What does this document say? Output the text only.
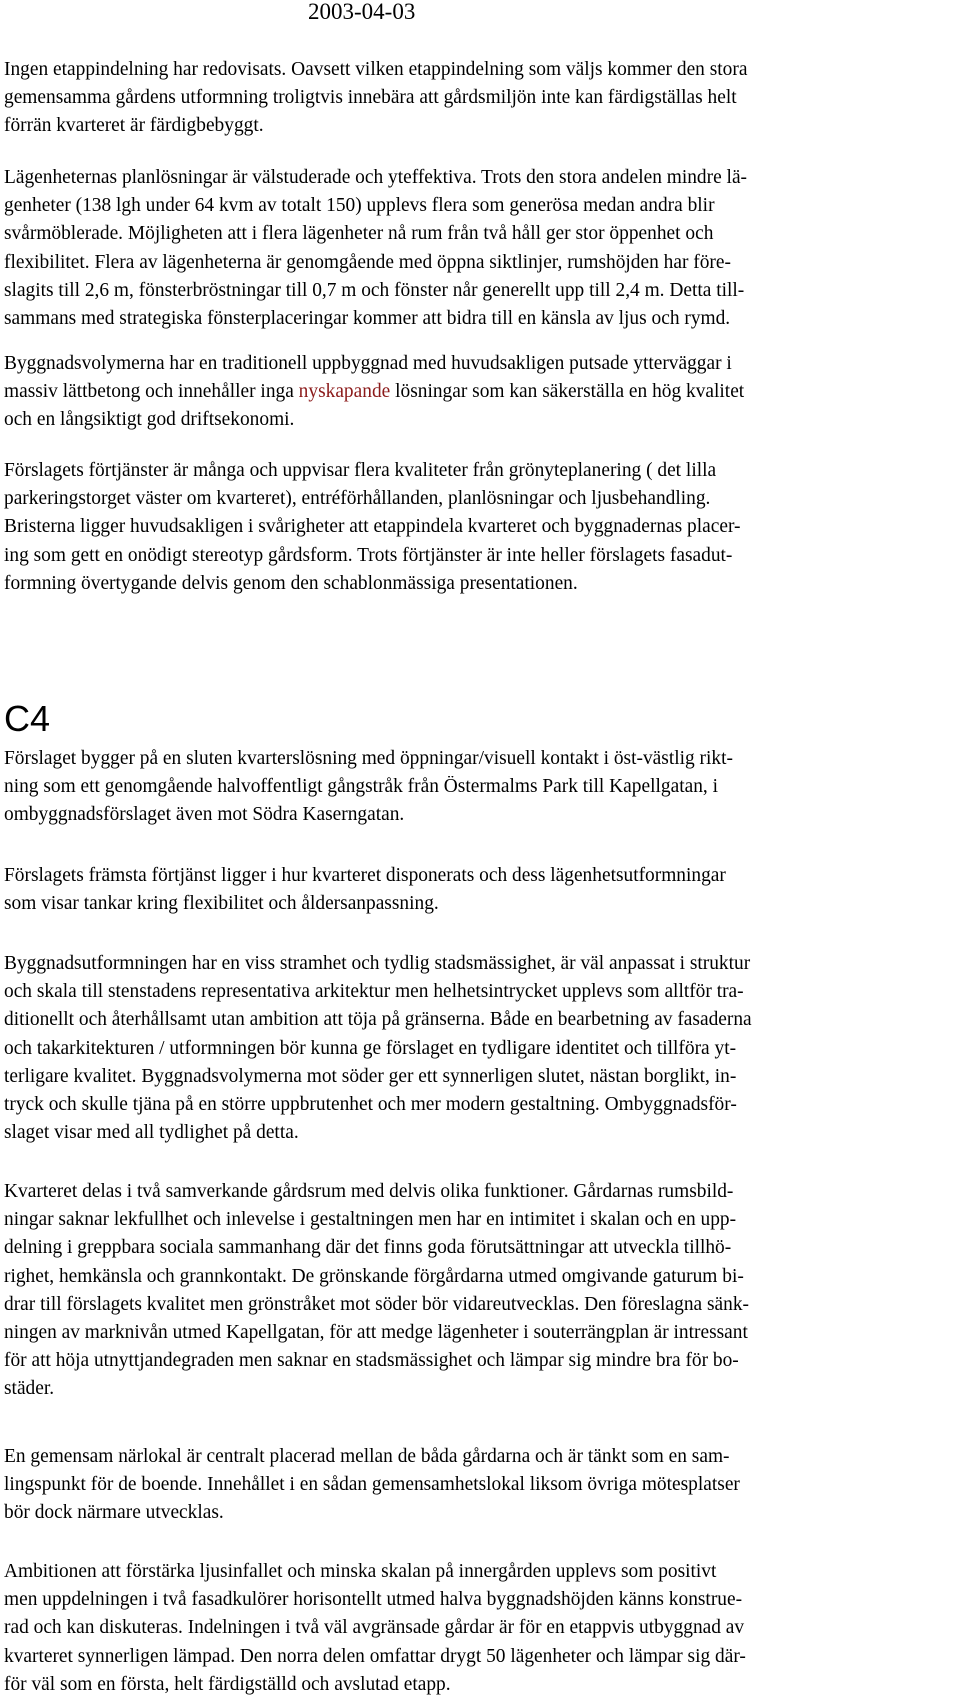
2003-04-03

Ingen etappindelning har redovisats. Oavsett vilken etappindelning som väljs kommer den stora
gemensamma gårdens utformning troligtvis innebära att gårdsmiljön inte kan färdigställas helt
förrän kvarteret är färdigbebyggt.

Lägenheternas planlösningar är välstuderade och yteffektiva. Trots den stora andelen mindre lä-
genheter (138 lgh under 64 kvm av totalt 150) upplevs flera som generösa medan andra blir
svårmöblerade. Möjligheten att i flera lägenheter nå rum från två håll ger stor öppenhet och
flexibilitet. Flera av lägenheterna är genomgående med öppna siktlinjer, rumshöjden har före-
slagits till 2,6 m, fönsterbröstningar till 0,7 m och fönster når generellt upp till 2,4 m. Detta till-
sammans med strategiska fönsterplaceringar kommer att bidra till en känsla av ljus och rymd.

Byggnadsvolymerna har en traditionell uppbyggnad med huvudsakligen putsade ytterväggar i
massiv lättbetong och innehåller inga nyskapande lösningar som kan säkerställa en hög kvalitet
och en långsiktigt god driftsekonomi.

Förslagets förtjänster är många och uppvisar flera kvaliteter från grönyteplanering ( det lilla
parkeringstorget väster om kvarteret), entréförhållanden, planlösningar och ljusbehandling.
Bristerna ligger huvudsakligen i svårigheter att etappindela kvarteret och byggnadernas placer-
ing som gett en onödigt stereotyp gårdsform. Trots förtjänster är inte heller förslagets fasadut-
formning övertygande delvis genom den schablonmässiga presentationen.

C4

Förslaget bygger på en sluten kvarterslösning med öppningar/visuell kontakt i öst-västlig rikt-
ning som ett genomgående halvoffentligt gångstråk från Östermalms Park till Kapellgatan, i
ombyggnadsförslaget även mot Södra Kaserngatan.

Förslagets främsta förtjänst ligger i hur kvarteret disponerats och dess lägenhetsutformningar
som visar tankar kring flexibilitet och åldersanpassning.

Byggnadsutformningen har en viss stramhet och tydlig stadsmässighet, är väl anpassat i struktur
och skala till stenstadens representativa arkitektur men helhetsintrycket upplevs som alltför tra-
ditionellt och återhållsamt utan ambition att töja på gränserna. Både en bearbetning av fasaderna
och takarkitekturen / utformningen bör kunna ge förslaget en tydligare identitet och tillföra yt-
terligare kvalitet. Byggnadsvolymerna mot söder ger ett synnerligen slutet, nästan borglikt, in-
tryck och skulle tjäna på en större uppbrutenhet och mer modern gestaltning. Ombyggnadsför-
slaget visar med all tydlighet på detta.

Kvarteret delas i två samverkande gårdsrum med delvis olika funktioner. Gårdarnas rumsbild-
ningar saknar lekfullhet och inlevelse i gestaltningen men har en intimitet i skalan och en upp-
delning i greppbara sociala sammanhang där det finns goda förutsättningar att utveckla tillhö-
righet, hemkänsla och grannkontakt. De grönskande förgårdarna utmed omgivande gaturum bi-
drar till förslagets kvalitet men grönstråket mot söder bör vidareutvecklas. Den föreslagna sänk-
ningen av marknivån utmed Kapellgatan, för att medge lägenheter i souterrängplan är intressant
för att höja utnyttjandegraden men saknar en stadsmässighet och lämpar sig mindre bra för bo-
städer.

En gemensam närlokal är centralt placerad mellan de båda gårdarna och är tänkt som en sam-
lingspunkt för de boende. Innehållet i en sådan gemensamhetslokal liksom övriga mötesplatser
bör dock närmare utvecklas.

Ambitionen att förstärka ljusinfallet och minska skalan på innergården upplevs som positivt
men uppdelningen i två fasadkulörer horisontellt utmed halva byggnadshöjden känns konstrue-
rad och kan diskuteras. Indelningen i två väl avgränsade gårdar är för en etappvis utbyggnad av
kvarteret synnerligen lämpad. Den norra delen omfattar drygt 50 lägenheter och lämpar sig där-
för väl som en första, helt färdigställd och avslutad etapp.
